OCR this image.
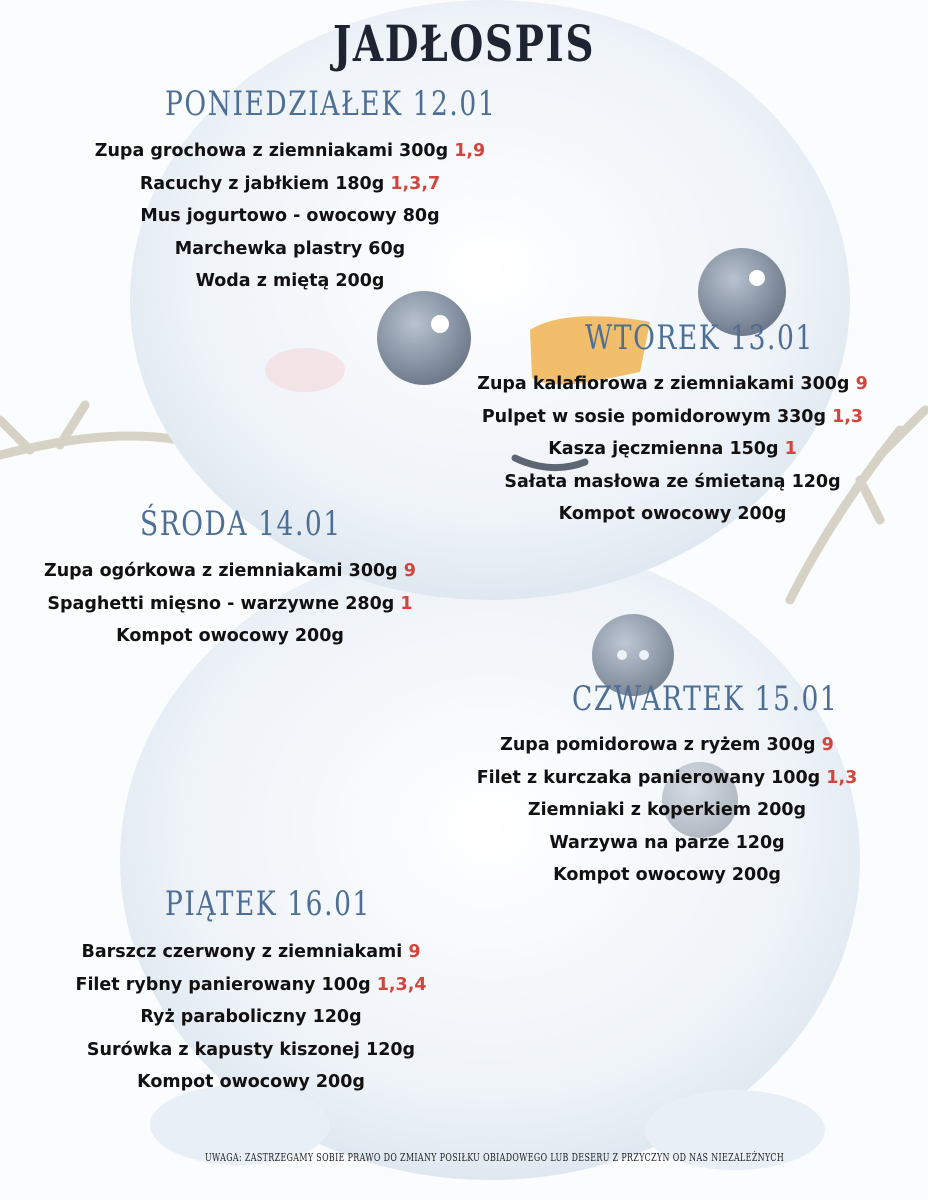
JADŁOSPIS
PONIEDZIAŁEK 12.01
Zupa grochowa z ziemniakami 300g 1,9
Racuchy z jabłkiem 180g 1,3,7
Mus jogurtowo - owocowy 80g
Marchewka plastry 60g
Woda z miętą 200g
WTOREK 13.01
Zupa kalafiorowa z ziemniakami 300g 9
Pulpet w sosie pomidorowym 330g 1,3
Kasza jęczmienna 150g 1
Sałata masłowa ze śmietaną 120g
Kompot owocowy 200g
ŚRODA 14.01
Zupa ogórkowa z ziemniakami 300g 9
Spaghetti mięsno - warzywne 280g 1
Kompot owocowy 200g
CZWARTEK 15.01
Zupa pomidorowa z ryżem 300g 9
Filet z kurczaka panierowany 100g 1,3
Ziemniaki z koperkiem 200g
Warzywa na parze 120g
Kompot owocowy 200g
PIĄTEK 16.01
Barszcz czerwony z ziemniakami 9
Filet rybny panierowany 100g 1,3,4
Ryż paraboliczny 120g
Surówka z kapusty kiszonej 120g
Kompot owocowy 200g

UWAGA: ZASTRZEGAMY SOBIE PRAWO DO ZMIANY POSIŁKU OBIADOWEGO LUB DESERU Z PRZYCZYN OD NAS NIEZALEŻNYCH
